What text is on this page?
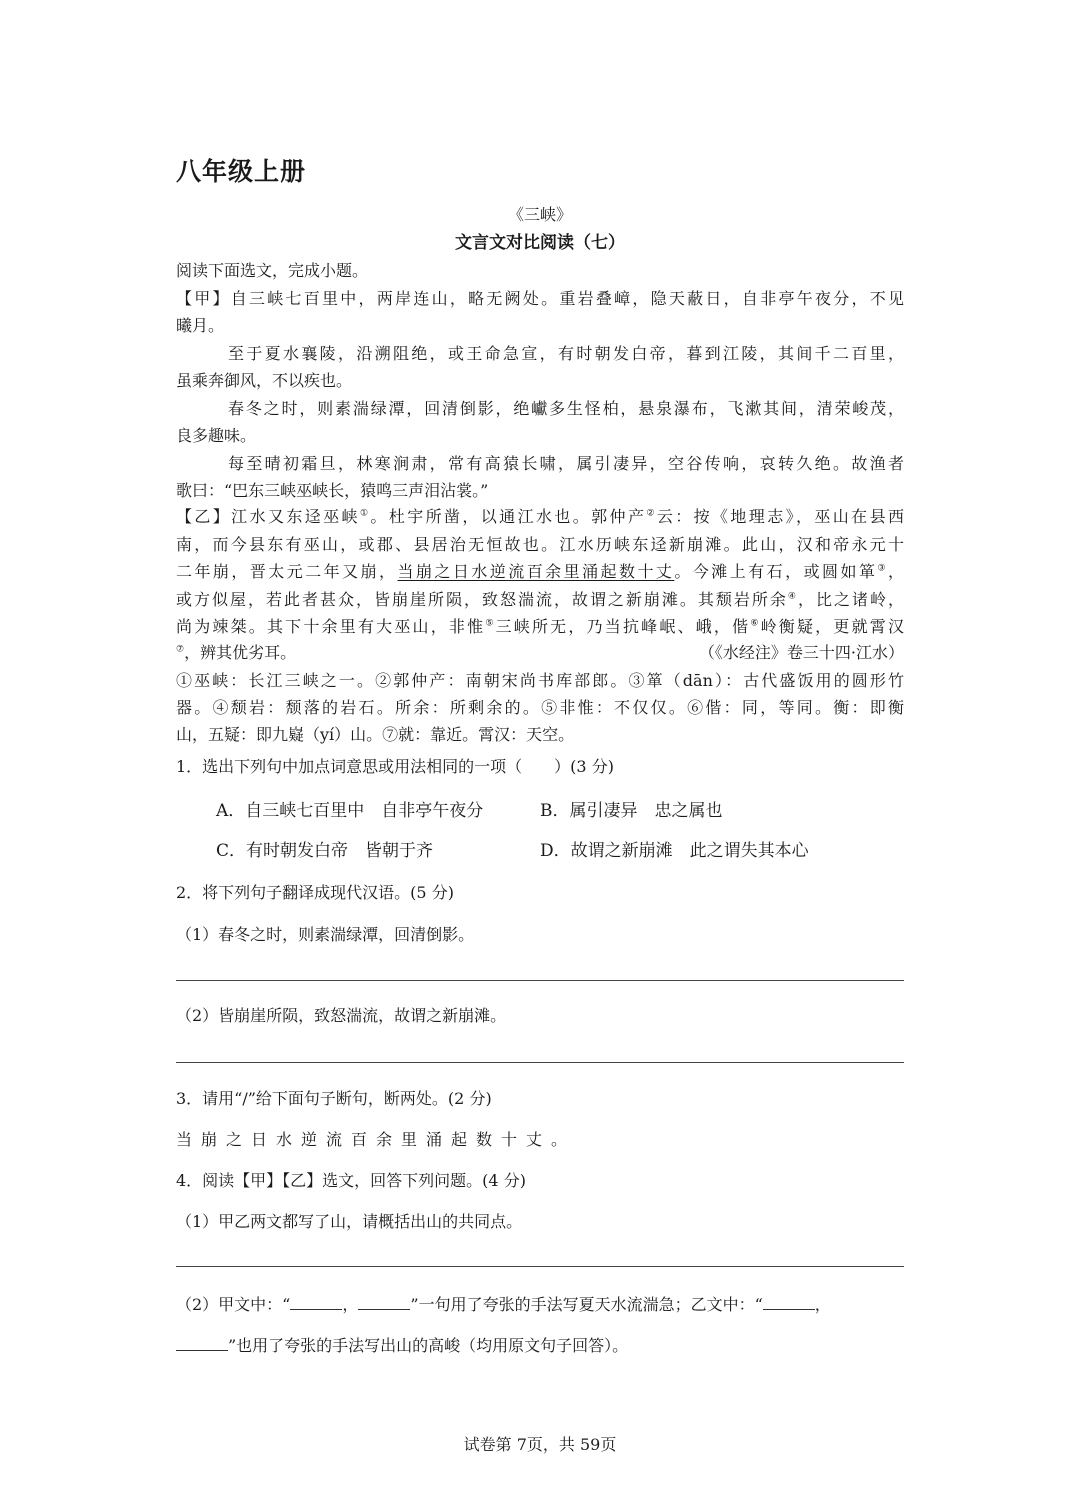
八年级上册
《三峡》
文言文对比阅读（七）
阅读下面选文，完成小题。
【甲】自三峡七百里中，两岸连山，略无阙处。重岩叠嶂，隐天蔽日，自非亭午夜分，不见
曦月。
至于夏水襄陵，沿溯阻绝，或王命急宣，有时朝发白帝，暮到江陵，其间千二百里，
虽乘奔御风，不以疾也。
春冬之时，则素湍绿潭，回清倒影，绝巘多生怪柏，悬泉瀑布，飞漱其间，清荣峻茂，
良多趣味。
每至晴初霜旦，林寒涧肃，常有高猿长啸，属引凄异，空谷传响，哀转久绝。故渔者
歌曰：“巴东三峡巫峡长，猿鸣三声泪沾裳。”
【乙】江水又东迳巫峡①。杜宇所凿，以通江水也。郭仲产②云：按《地理志》，巫山在县西
南，而今县东有巫山，或郡、县居治无恒故也。江水历峡东迳新崩滩。此山，汉和帝永元十
二年崩，晋太元二年又崩，当崩之日水逆流百余里涌起数十丈。今滩上有石，或圆如箪③，
或方似屋，若此者甚众，皆崩崖所陨，致怒湍流，故谓之新崩滩。其颓岩所余④，比之诸岭，
尚为竦桀。其下十余里有大巫山，非惟⑤三峡所无，乃当抗峰岷、峨，偕⑥岭衡疑，更就霄汉
⑦，辨其优劣耳。	（《水经注》卷三十四·江水）
①巫峡：长江三峡之一。②郭仲产：南朝宋尚书库部郎。③箪（dān）：古代盛饭用的圆形竹
器。④颓岩：颓落的岩石。所余：所剩余的。⑤非惟：不仅仅。⑥偕：同，等同。衡：即衡
山，五疑：即九嶷（yí）山。⑦就：靠近。霄汉：天空。
1．选出下列句中加点词意思或用法相同的一项（　　）(3 分)
A．自三峡七百里中　自非亭午夜分	B．属引凄异　忠之属也
C．有时朝发白帝　皆朝于齐	D．故谓之新崩滩　此之谓失其本心
2．将下列句子翻译成现代汉语。(5 分)
（1）春冬之时，则素湍绿潭，回清倒影。
（2）皆崩崖所陨，致怒湍流，故谓之新崩滩。
3．请用“/”给下面句子断句，断两处。(2 分)
当崩之日水逆流百余里涌起数十丈。
4．阅读【甲】【乙】选文，回答下列问题。(4 分)
（1）甲乙两文都写了山，请概括出山的共同点。
（2）甲文中：“	，	”一句用了夸张的手法写夏天水流湍急；乙文中：“	，
”也用了夸张的手法写出山的高峻（均用原文句子回答）。
试卷第 7页，共 59页
